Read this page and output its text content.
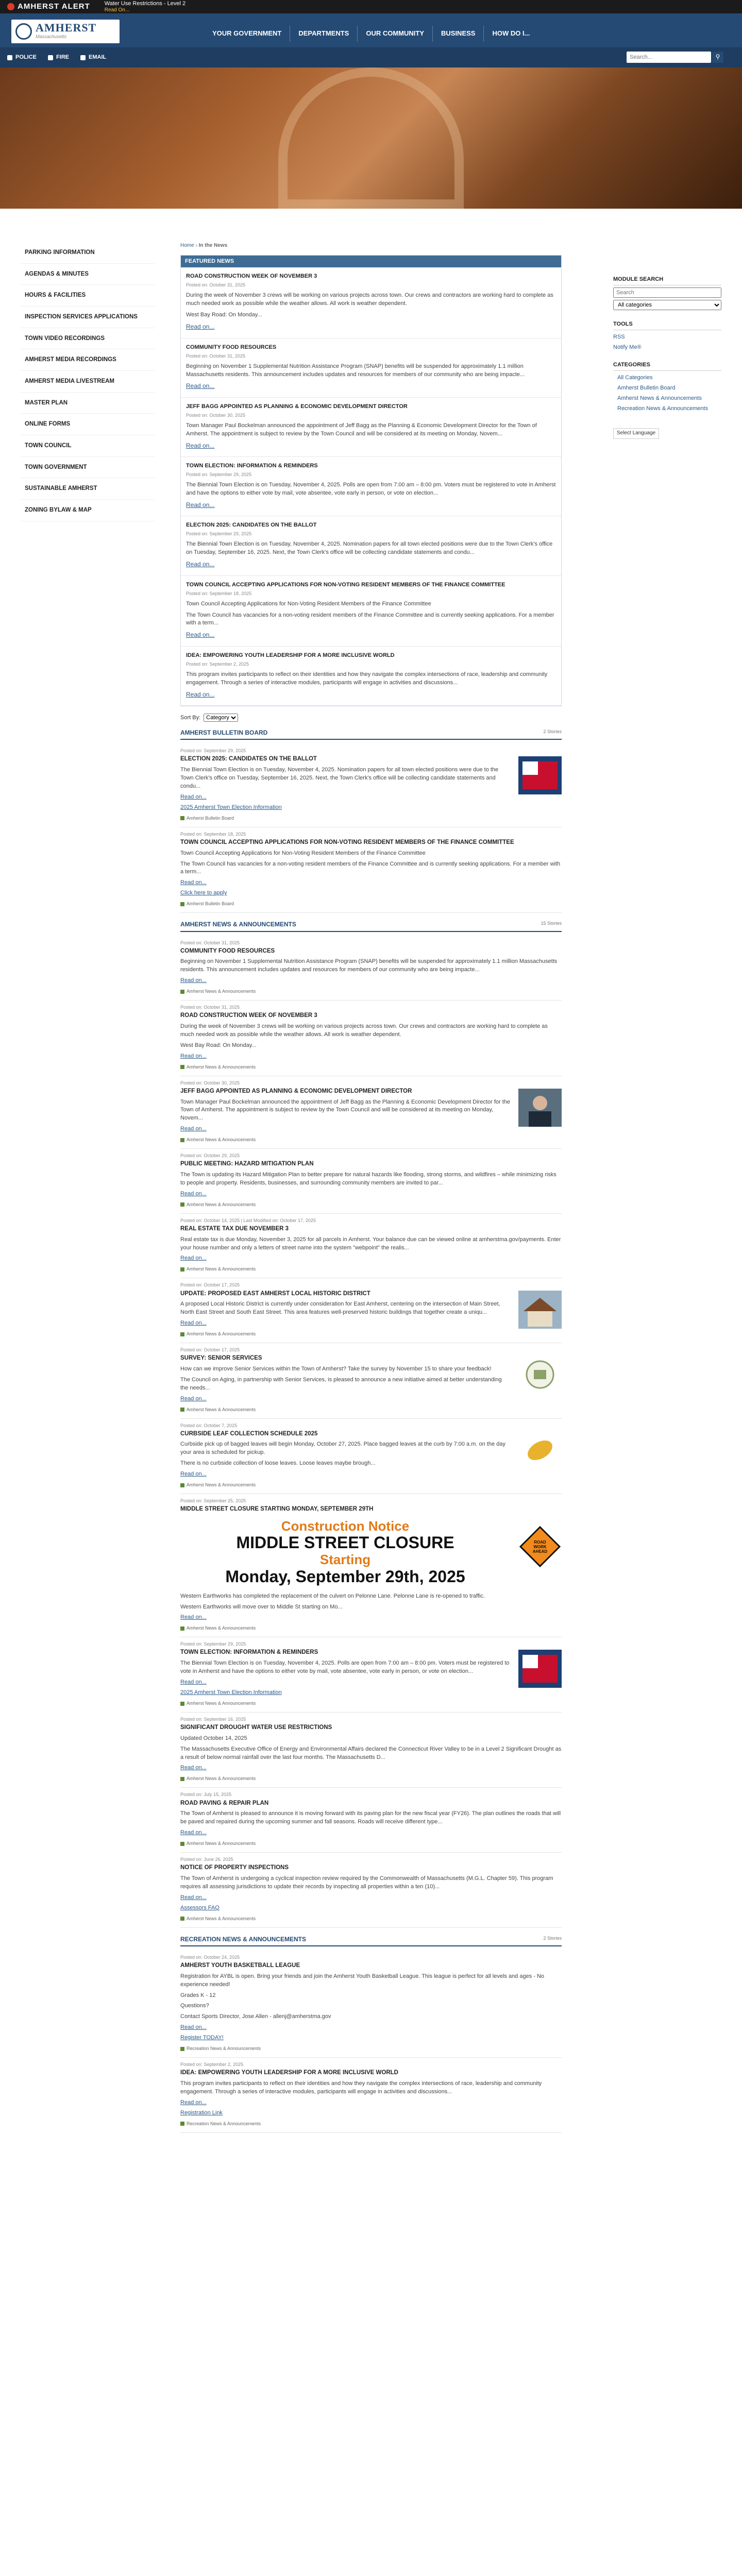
AMHERST ALERT	Water Use Restrictions - Level 2
Read On...
AMHERST
Massachusetts	YOUR GOVERNMENT	DEPARTMENTS	OUR COMMUNITY	BUSINESS	HOW DO I...
POLICE	FIRE	EMAIL
Search...	⚲
PARKING INFORMATION
AGENDAS & MINUTES
HOURS & FACILITIES
INSPECTION SERVICES APPLICATIONS
TOWN VIDEO RECORDINGS
AMHERST MEDIA RECORDINGS
AMHERST MEDIA LIVESTREAM
MASTER PLAN
ONLINE FORMS
TOWN COUNCIL
TOWN GOVERNMENT
SUSTAINABLE AMHERST
ZONING BYLAW & MAP
Home › In the News
FEATURED NEWS
ROAD CONSTRUCTION WEEK OF NOVEMBER 3
Posted on: October 31, 2025

During the week of November 3 crews will be working on various projects across town. Our crews and contractors are working hard to complete as much needed work as possible while the weather allows. All work is weather dependent.

West Bay Road: On Monday...

Read on...
COMMUNITY FOOD RESOURCES
Posted on: October 31, 2025

Beginning on November 1 Supplemental Nutrition Assistance Program (SNAP) benefits will be suspended for approximately 1.1 million Massachusetts residents. This announcement includes updates and resources for members of our community who are being impacte...

Read on...
JEFF BAGG APPOINTED AS PLANNING & ECONOMIC DEVELOPMENT DIRECTOR
Posted on: October 30, 2025

Town Manager Paul Bockelman announced the appointment of Jeff Bagg as the Planning & Economic Development Director for the Town of Amherst. The appointment is subject to review by the Town Council and will be considered at its meeting on Monday, Novem...

Read on...
TOWN ELECTION: INFORMATION & REMINDERS
Posted on: September 29, 2025

The Biennial Town Election is on Tuesday, November 4, 2025. Polls are open from 7:00 am – 8:00 pm. Voters must be registered to vote in Amherst and have the options to either vote by mail, vote absentee, vote early in person, or vote on election...

Read on...
ELECTION 2025: CANDIDATES ON THE BALLOT
Posted on: September 29, 2025

The Biennial Town Election is on Tuesday, November 4, 2025. Nomination papers for all town elected positions were due to the Town Clerk's office on Tuesday, September 16, 2025. Next, the Town Clerk's office will be collecting candidate statements and condu...

Read on...
TOWN COUNCIL ACCEPTING APPLICATIONS FOR NON-VOTING RESIDENT MEMBERS OF THE FINANCE COMMITTEE
Posted on: September 18, 2025

Town Council Accepting Applications for Non-Voting Resident Members of the Finance Committee

The Town Council has vacancies for a non-voting resident members of the Finance Committee and is currently seeking applications. For a member with a term...

Read on...
IDEA: EMPOWERING YOUTH LEADERSHIP FOR A MORE INCLUSIVE WORLD
Posted on: September 2, 2025

This program invites participants to reflect on their identities and how they navigate the complex intersections of race, leadership and community engagement. Through a series of interactive modules, participants will engage in activities and discussions...

Read on...
Sort By:
Category
AMHERST BULLETIN BOARD	2 Stories
Posted on: September 29, 2025
ELECTION 2025: CANDIDATES ON THE BALLOT

The Biennial Town Election is on Tuesday, November 4, 2025. Nomination papers for all town elected positions were due to the Town Clerk's office on Tuesday, September 16, 2025. Next, the Town Clerk's office will be collecting candidate statements and condu...

Read on...
2025 Amherst Town Election Information
Amherst Bulletin Board
Posted on: September 18, 2025
TOWN COUNCIL ACCEPTING APPLICATIONS FOR NON-VOTING RESIDENT MEMBERS OF THE FINANCE COMMITTEE

Town Council Accepting Applications for Non-Voting Resident Members of the Finance Committee

The Town Council has vacancies for a non-voting resident members of the Finance Committee and is currently seeking applications. For a member with a term...

Read on...
Click here to apply
Amherst Bulletin Board
AMHERST NEWS & ANNOUNCEMENTS	15 Stories
Posted on: October 31, 2025
COMMUNITY FOOD RESOURCES

Beginning on November 1 Supplemental Nutrition Assistance Program (SNAP) benefits will be suspended for approximately 1.1 million Massachusetts residents. This announcement includes updates and resources for members of our community who are being impacte...

Read on...
Amherst News & Announcements
Posted on: October 31, 2025
ROAD CONSTRUCTION WEEK OF NOVEMBER 3

During the week of November 3 crews will be working on various projects across town. Our crews and contractors are working hard to complete as much needed work as possible while the weather allows. All work is weather dependent.

West Bay Road: On Monday...

Read on...
Amherst News & Announcements
Posted on: October 30, 2025
JEFF BAGG APPOINTED AS PLANNING & ECONOMIC DEVELOPMENT DIRECTOR

Town Manager Paul Bockelman announced the appointment of Jeff Bagg as the Planning & Economic Development Director for the Town of Amherst. The appointment is subject to review by the Town Council and will be considered at its meeting on Monday, Novem...

Read on...
Amherst News & Announcements
Posted on: October 29, 2025
PUBLIC MEETING: HAZARD MITIGATION PLAN

The Town is updating its Hazard Mitigation Plan to better prepare for natural hazards like flooding, strong storms, and wildfires – while minimizing risks to people and property. Residents, businesses, and surrounding community members are invited to par...

Read on...
Amherst News & Announcements
Posted on: October 14, 2025 | Last Modified on: October 17, 2025
REAL ESTATE TAX DUE NOVEMBER 3

Real estate tax is due Monday, November 3, 2025 for all parcels in Amherst. Your balance due can be viewed online at amherstma.gov/payments. Enter your house number and only a letters of street name into the system "webpoint" the realis...

Read on...
Amherst News & Announcements
Posted on: October 17, 2025
UPDATE: PROPOSED EAST AMHERST LOCAL HISTORIC DISTRICT

A proposed Local Historic District is currently under consideration for East Amherst, centering on the intersection of Main Street, North East Street and South East Street. This area features well-preserved historic buildings that together create a uniqu...

Read on...
Amherst News & Announcements
Posted on: October 17, 2025
SURVEY: SENIOR SERVICES

How can we improve Senior Services within the Town of Amherst? Take the survey by November 15 to share your feedback!

The Council on Aging, in partnership with Senior Services, is pleased to announce a new initiative aimed at better understanding the needs...

Read on...
Amherst News & Announcements
Posted on: October 7, 2025
CURBSIDE LEAF COLLECTION SCHEDULE 2025

Curbside pick up of bagged leaves will begin Monday, October 27, 2025. Place bagged leaves at the curb by 7:00 a.m. on the day your area is scheduled for pickup.

There is no curbside collection of loose leaves. Loose leaves maybe brough...

Read on...
Amherst News & Announcements
Posted on: September 25, 2025
MIDDLE STREET CLOSURE STARTING MONDAY, SEPTEMBER 29TH
Construction Notice
MIDDLE STREET CLOSURE
Starting
Monday, September 29th, 2025

Western Earthworks has completed the replacement of the culvert on Pelonne Lane. Pelonne Lane is re-opened to traffic.

Western Earthworks will move over to Middle St starting on Mo...

Read on...
Amherst News & Announcements
ROAD WORK AHEAD
Posted on: September 29, 2025
TOWN ELECTION: INFORMATION & REMINDERS

The Biennial Town Election is on Tuesday, November 4, 2025. Polls are open from 7:00 am – 8:00 pm. Voters must be registered to vote in Amherst and have the options to either vote by mail, vote absentee, vote early in person, or vote on election...

Read on...
2025 Amherst Town Election Information
Amherst News & Announcements
Posted on: September 16, 2025
SIGNIFICANT DROUGHT WATER USE RESTRICTIONS

Updated October 14, 2025

The Massachusetts Executive Office of Energy and Environmental Affairs declared the Connecticut River Valley to be in a Level 2 Significant Drought as a result of below normal rainfall over the last four months. The Massachusetts D...

Read on...
Amherst News & Announcements
Posted on: July 15, 2025
ROAD PAVING & REPAIR PLAN

The Town of Amherst is pleased to announce it is moving forward with its paving plan for the new fiscal year (FY26). The plan outlines the roads that will be paved and repaired during the upcoming summer and fall seasons. Roads will receive different type...

Read on...
Amherst News & Announcements
Posted on: June 26, 2025
NOTICE OF PROPERTY INSPECTIONS

The Town of Amherst is undergoing a cyclical inspection review required by the Commonwealth of Massachusetts (M.G.L. Chapter 59). This program requires all assessing jurisdictions to update their records by inspecting all properties within a ten (10)...

Read on...
Assessors FAQ
Amherst News & Announcements
RECREATION NEWS & ANNOUNCEMENTS	2 Stories
Posted on: October 24, 2025
AMHERST YOUTH BASKETBALL LEAGUE

Registration for AYBL is open. Bring your friends and join the Amherst Youth Basketball League. This league is perfect for all levels and ages - No experience needed!

Grades K - 12

Questions?

Contact Sports Director, Jose Allen - allenj@amherstma.gov

Read on...
Register TODAY!
Recreation News & Announcements
Posted on: September 2, 2025
IDEA: EMPOWERING YOUTH LEADERSHIP FOR A MORE INCLUSIVE WORLD

This program invites participants to reflect on their identities and how they navigate the complex intersections of race, leadership and community engagement. Through a series of interactive modules, participants will engage in activities and discussions...

Read on...
Registration Link
Recreation News & Announcements
MODULE SEARCH
Search
All categories
TOOLS
RSS
Notify Me®
CATEGORIES
All Categories
Amherst Bulletin Board
Amherst News & Announcements
Recreation News & Announcements
Select Language
